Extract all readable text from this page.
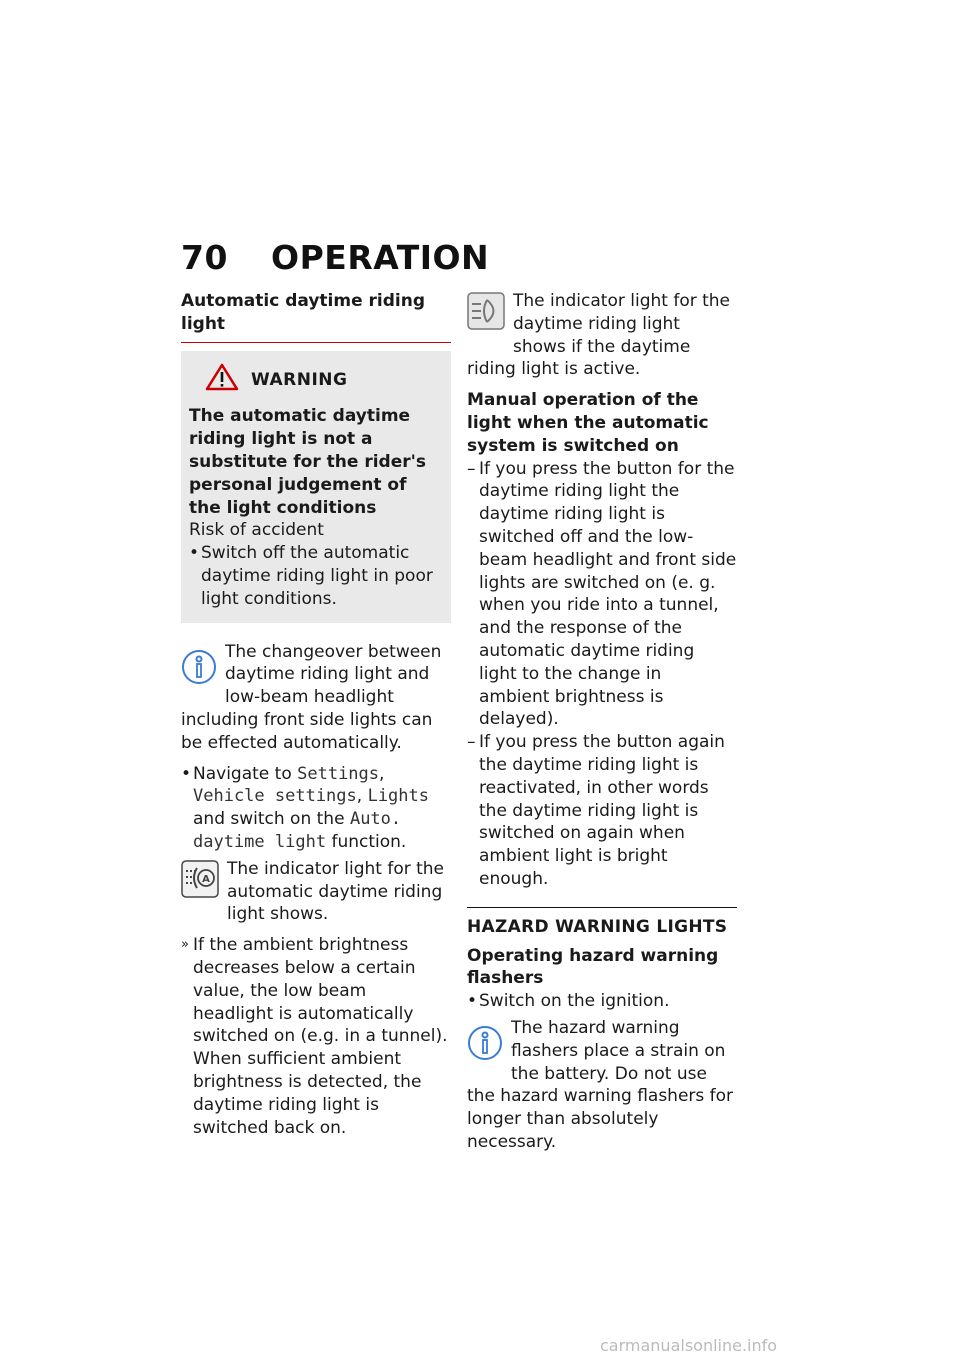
70 OPERATION
Automatic daytime riding light
WARNING
The automatic daytime riding light is not a substitute for the rider's personal judgement of the light conditions
Risk of accident
• Switch off the automatic daytime riding light in poor light conditions.
The changeover between daytime riding light and low-beam headlight including front side lights can be effected automatically.
• Navigate to Settings, Vehicle settings, Lights and switch on the Auto. daytime light function.
A
The indicator light for the automatic daytime riding light shows.
» If the ambient brightness decreases below a certain value, the low beam headlight is automatically switched on (e.g. in a tunnel). When sufficient ambient brightness is detected, the daytime riding light is switched back on.
The indicator light for the daytime riding light shows if the daytime riding light is active.
Manual operation of the light when the automatic system is switched on
– If you press the button for the daytime riding light the daytime riding light is switched off and the low-beam headlight and front side lights are switched on (e. g. when you ride into a tunnel, and the response of the automatic daytime riding light to the change in ambient brightness is delayed).
– If you press the button again the daytime riding light is reactivated, in other words the daytime riding light is switched on again when ambient light is bright enough.
HAZARD WARNING LIGHTS
Operating hazard warning flashers
• Switch on the ignition.
The hazard warning flashers place a strain on the battery. Do not use the hazard warning flashers for longer than absolutely necessary.
carmanualsonline.info
